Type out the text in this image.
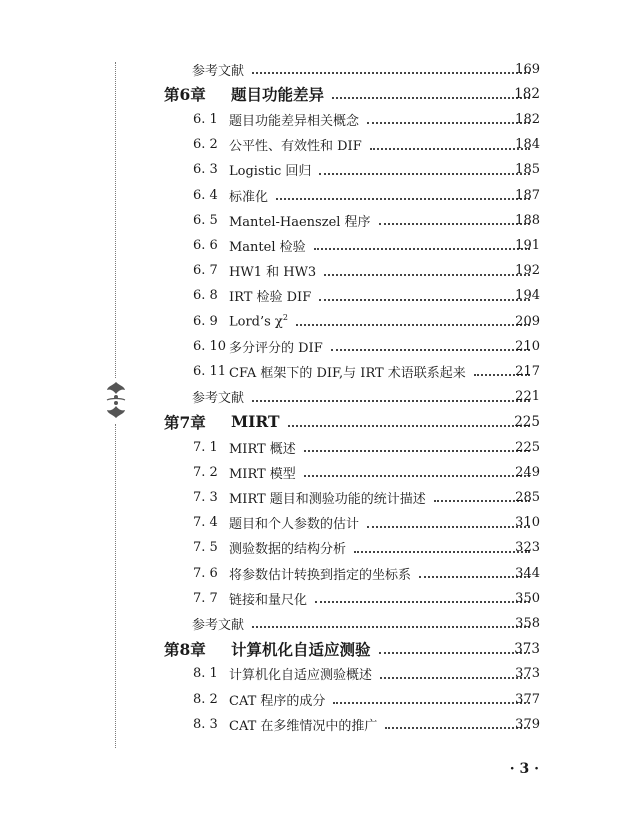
参考文献	169
第6章 题目功能差异	182
6. 1 题目功能差异相关概念	182
6. 2 公平性、有效性和 DIF	184
6. 3 Logistic 回归	185
6. 4 标准化	187
6. 5 Mantel-Haenszel 程序	188
6. 6 Mantel 检验	191
6. 7 HW1 和 HW3	192
6. 8 IRT 检验 DIF	194
6. 9 Lord’s $\chi^2$	209
6. 10 多分评分的 DIF	210
6. 11 CFA 框架下的 DIF,与 IRT 术语联系起来	217
参考文献	221
第7章 MIRT	225
7. 1 MIRT 概述	225
7. 2 MIRT 模型	249
7. 3 MIRT 题目和测验功能的统计描述	285
7. 4 题目和个人参数的估计	310
7. 5 测验数据的结构分析	323
7. 6 将参数估计转换到指定的坐标系	344
7. 7 链接和量尺化	350
参考文献	358
第8章 计算机化自适应测验	373
8. 1 计算机化自适应测验概述	373
8. 2 CAT 程序的成分	377
8. 3 CAT 在多维情况中的推广	379
· 3 ·
